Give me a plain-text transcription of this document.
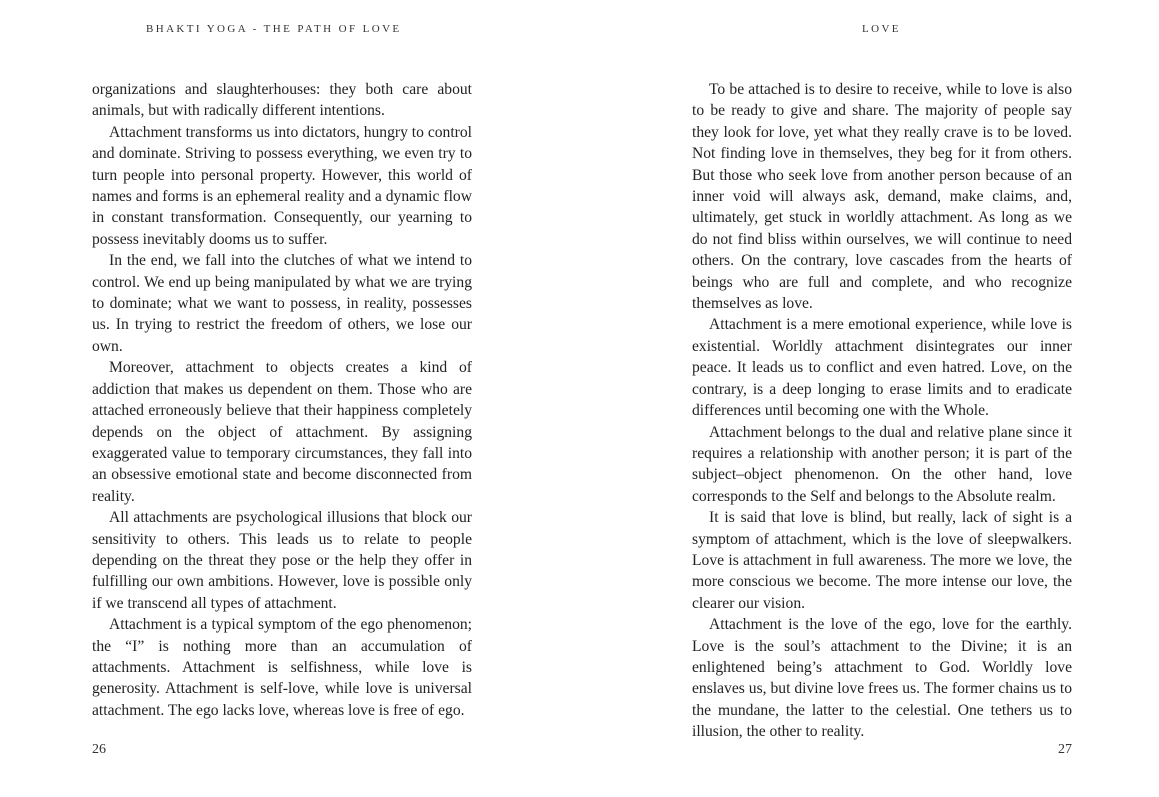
BHAKTI YOGA - THE PATH OF LOVE

organizations and slaughterhouses: they both care about animals, but with radically different intentions.

Attachment transforms us into dictators, hungry to control and dominate. Striving to possess everything, we even try to turn people into personal property. However, this world of names and forms is an ephemeral reality and a dynamic flow in constant transformation. Consequently, our yearning to possess inevitably dooms us to suffer.

In the end, we fall into the clutches of what we intend to control. We end up being manipulated by what we are trying to dominate; what we want to possess, in reality, possesses us. In trying to restrict the freedom of others, we lose our own.

Moreover, attachment to objects creates a kind of addiction that makes us dependent on them. Those who are attached erroneously believe that their happiness completely depends on the object of attachment. By assigning exaggerated value to temporary circumstances, they fall into an obsessive emotional state and become disconnected from reality.

All attachments are psychological illusions that block our sensitivity to others. This leads us to relate to people depending on the threat they pose or the help they offer in fulfilling our own ambitions. However, love is possible only if we transcend all types of attachment.

Attachment is a typical symptom of the ego phenomenon; the “I” is nothing more than an accumulation of attachments. Attachment is selfishness, while love is generosity. Attachment is self-love, while love is universal attachment. The ego lacks love, whereas love is free of ego.

26
LOVE

To be attached is to desire to receive, while to love is also to be ready to give and share. The majority of people say they look for love, yet what they really crave is to be loved. Not finding love in themselves, they beg for it from others. But those who seek love from another person because of an inner void will always ask, demand, make claims, and, ultimately, get stuck in worldly attachment. As long as we do not find bliss within ourselves, we will continue to need others. On the contrary, love cascades from the hearts of beings who are full and complete, and who recognize themselves as love.

Attachment is a mere emotional experience, while love is existential. Worldly attachment disintegrates our inner peace. It leads us to conflict and even hatred. Love, on the contrary, is a deep longing to erase limits and to eradicate differences until becoming one with the Whole.

Attachment belongs to the dual and relative plane since it requires a relationship with another person; it is part of the subject–object phenomenon. On the other hand, love corresponds to the Self and belongs to the Absolute realm.

It is said that love is blind, but really, lack of sight is a symptom of attachment, which is the love of sleepwalkers. Love is attachment in full awareness. The more we love, the more conscious we become. The more intense our love, the clearer our vision.

Attachment is the love of the ego, love for the earthly. Love is the soul’s attachment to the Divine; it is an enlightened being’s attachment to God. Worldly love enslaves us, but divine love frees us. The former chains us to the mundane, the latter to the celestial. One tethers us to illusion, the other to reality.

27
